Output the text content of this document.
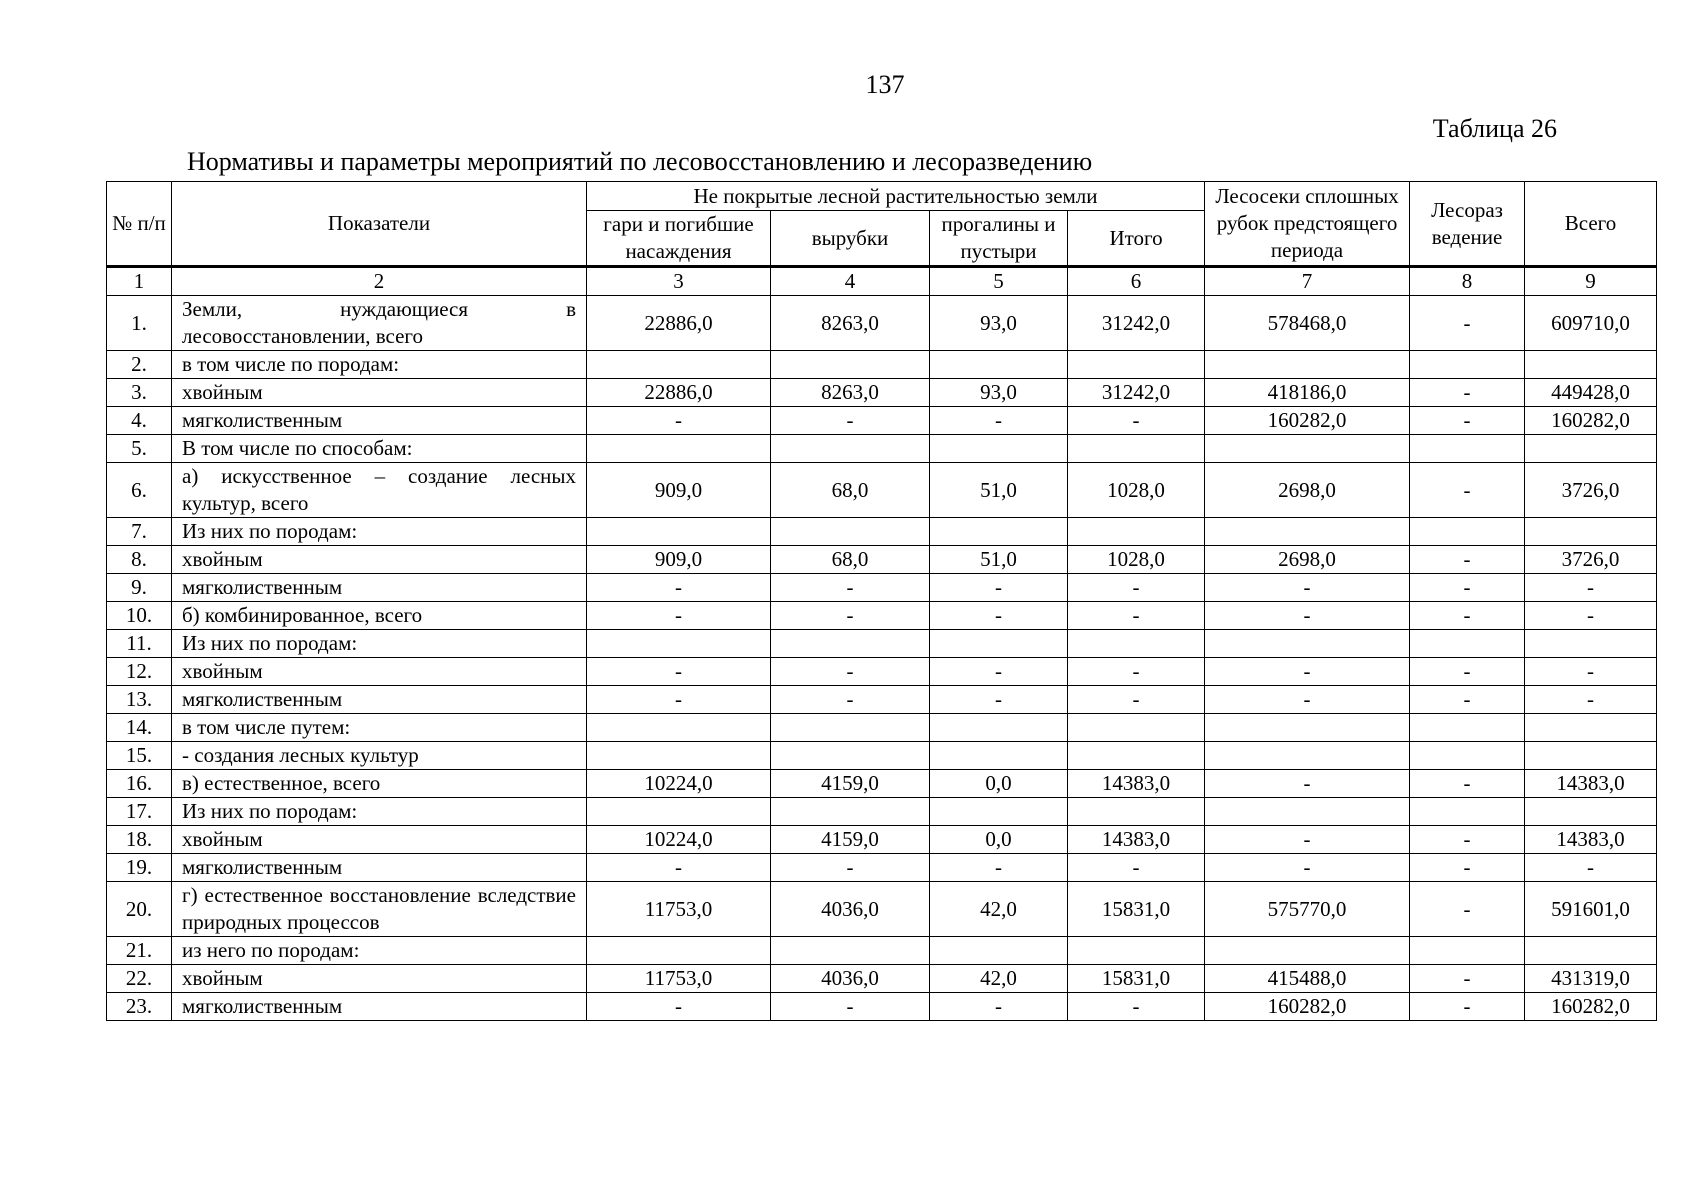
137
Таблица 26
Нормативы и параметры мероприятий по лесовосстановлению и лесоразведению
№ п/п	Показатели	Не покрытые лесной растительностью земли				Лесосеки сплошных рубок предстоящего периода	Лесораз ведение	Всего
		гари и погибшие насаждения	вырубки	прогалины и пустыри	Итого			
1	2	3	4	5	6	7	8	9
1.	Земли, нуждающиеся в лесовосстановлении, всего	22886,0	8263,0	93,0	31242,0	578468,0	-	609710,0
2.	в том числе по породам:							
3.	хвойным	22886,0	8263,0	93,0	31242,0	418186,0	-	449428,0
4.	мягколиственным	-	-	-	-	160282,0	-	160282,0
5.	В том числе по способам:							
6.	а) искусственное – создание лесных культур, всего	909,0	68,0	51,0	1028,0	2698,0	-	3726,0
7.	Из них по породам:							
8.	хвойным	909,0	68,0	51,0	1028,0	2698,0	-	3726,0
9.	мягколиственным	-	-	-	-	-	-	-
10.	б) комбинированное, всего	-	-	-	-	-	-	-
11.	Из них по породам:							
12.	хвойным	-	-	-	-	-	-	-
13.	мягколиственным	-	-	-	-	-	-	-
14.	в том числе путем:							
15.	- создания лесных культур							
16.	в) естественное, всего	10224,0	4159,0	0,0	14383,0	-	-	14383,0
17.	Из них по породам:							
18.	хвойным	10224,0	4159,0	0,0	14383,0	-	-	14383,0
19.	мягколиственным	-	-	-	-	-	-	-
20.	г) естественное восстановление вследствие природных процессов	11753,0	4036,0	42,0	15831,0	575770,0	-	591601,0
21.	из него по породам:							
22.	хвойным	11753,0	4036,0	42,0	15831,0	415488,0	-	431319,0
23.	мягколиственным	-	-	-	-	160282,0	-	160282,0
